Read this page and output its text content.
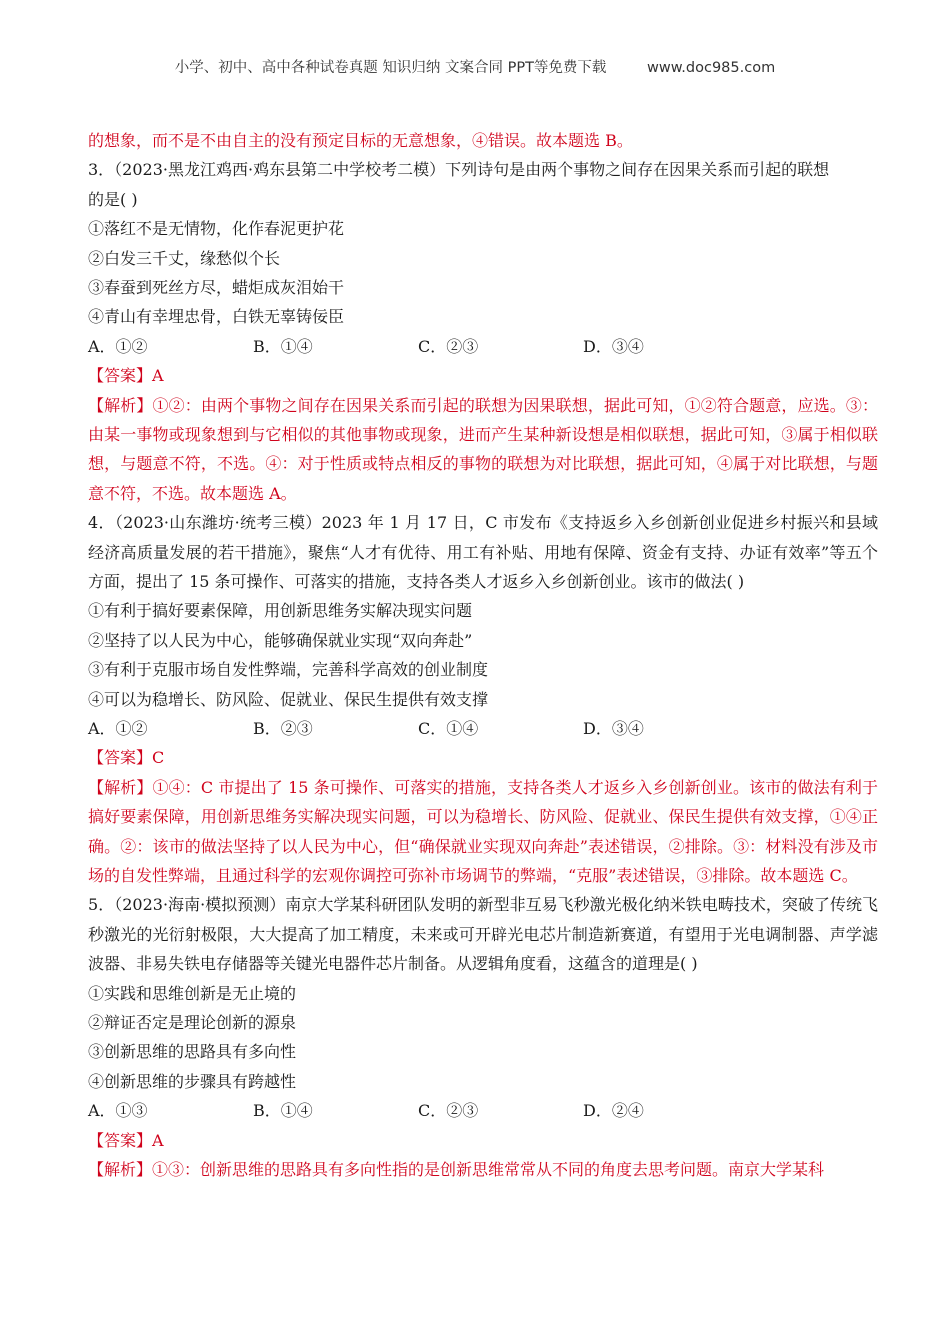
小学、初中、高中各种试卷真题 知识归纳 文案合同 PPT等免费下载	www.doc985.com
的想象，而不是不由自主的没有预定目标的无意想象，④错误。故本题选 B。
3．（2023·黑龙江鸡西·鸡东县第二中学校考二模）下列诗句是由两个事物之间存在因果关系而引起的联想
的是( )
①落红不是无情物，化作春泥更护花
②白发三千丈，缘愁似个长
③春蚕到死丝方尽，蜡炬成灰泪始干
④青山有幸埋忠骨，白铁无辜铸佞臣
A．①②	B．①④	C．②③	D．③④
【答案】A
【解析】①②：由两个事物之间存在因果关系而引起的联想为因果联想，据此可知，①②符合题意，应选。③：由某一事物或现象想到与它相似的其他事物或现象，进而产生某种新设想是相似联想，据此可知，③属于相似联想，与题意不符，不选。④：对于性质或特点相反的事物的联想为对比联想，据此可知，④属于对比联想，与题意不符，不选。故本题选 A。
4．（2023·山东潍坊·统考三模）2023 年 1 月 17 日，C 市发布《支持返乡入乡创新创业促进乡村振兴和县域经济高质量发展的若干措施》，聚焦“人才有优待、用工有补贴、用地有保障、资金有支持、办证有效率”等五个方面，提出了 15 条可操作、可落实的措施，支持各类人才返乡入乡创新创业。该市的做法( )
①有利于搞好要素保障，用创新思维务实解决现实问题
②坚持了以人民为中心，能够确保就业实现“双向奔赴”
③有利于克服市场自发性弊端，完善科学高效的创业制度
④可以为稳增长、防风险、促就业、保民生提供有效支撑
A．①②	B．②③	C．①④	D．③④
【答案】C
【解析】①④：C 市提出了 15 条可操作、可落实的措施，支持各类人才返乡入乡创新创业。该市的做法有利于搞好要素保障，用创新思维务实解决现实问题，可以为稳增长、防风险、促就业、保民生提供有效支撑，①④正确。②：该市的做法坚持了以人民为中心，但“确保就业实现双向奔赴”表述错误，②排除。③：材料没有涉及市场的自发性弊端，且通过科学的宏观你调控可弥补市场调节的弊端，“克服”表述错误，③排除。故本题选 C。
5．（2023·海南·模拟预测）南京大学某科研团队发明的新型非互易飞秒激光极化纳米铁电畴技术，突破了传统飞秒激光的光衍射极限，大大提高了加工精度，未来或可开辟光电芯片制造新赛道，有望用于光电调制器、声学滤波器、非易失铁电存储器等关键光电器件芯片制备。从逻辑角度看，这蕴含的道理是( )
①实践和思维创新是无止境的
②辩证否定是理论创新的源泉
③创新思维的思路具有多向性
④创新思维的步骤具有跨越性
A．①③	B．①④	C．②③	D．②④
【答案】A
【解析】①③：创新思维的思路具有多向性指的是创新思维常常从不同的角度去思考问题。南京大学某科
